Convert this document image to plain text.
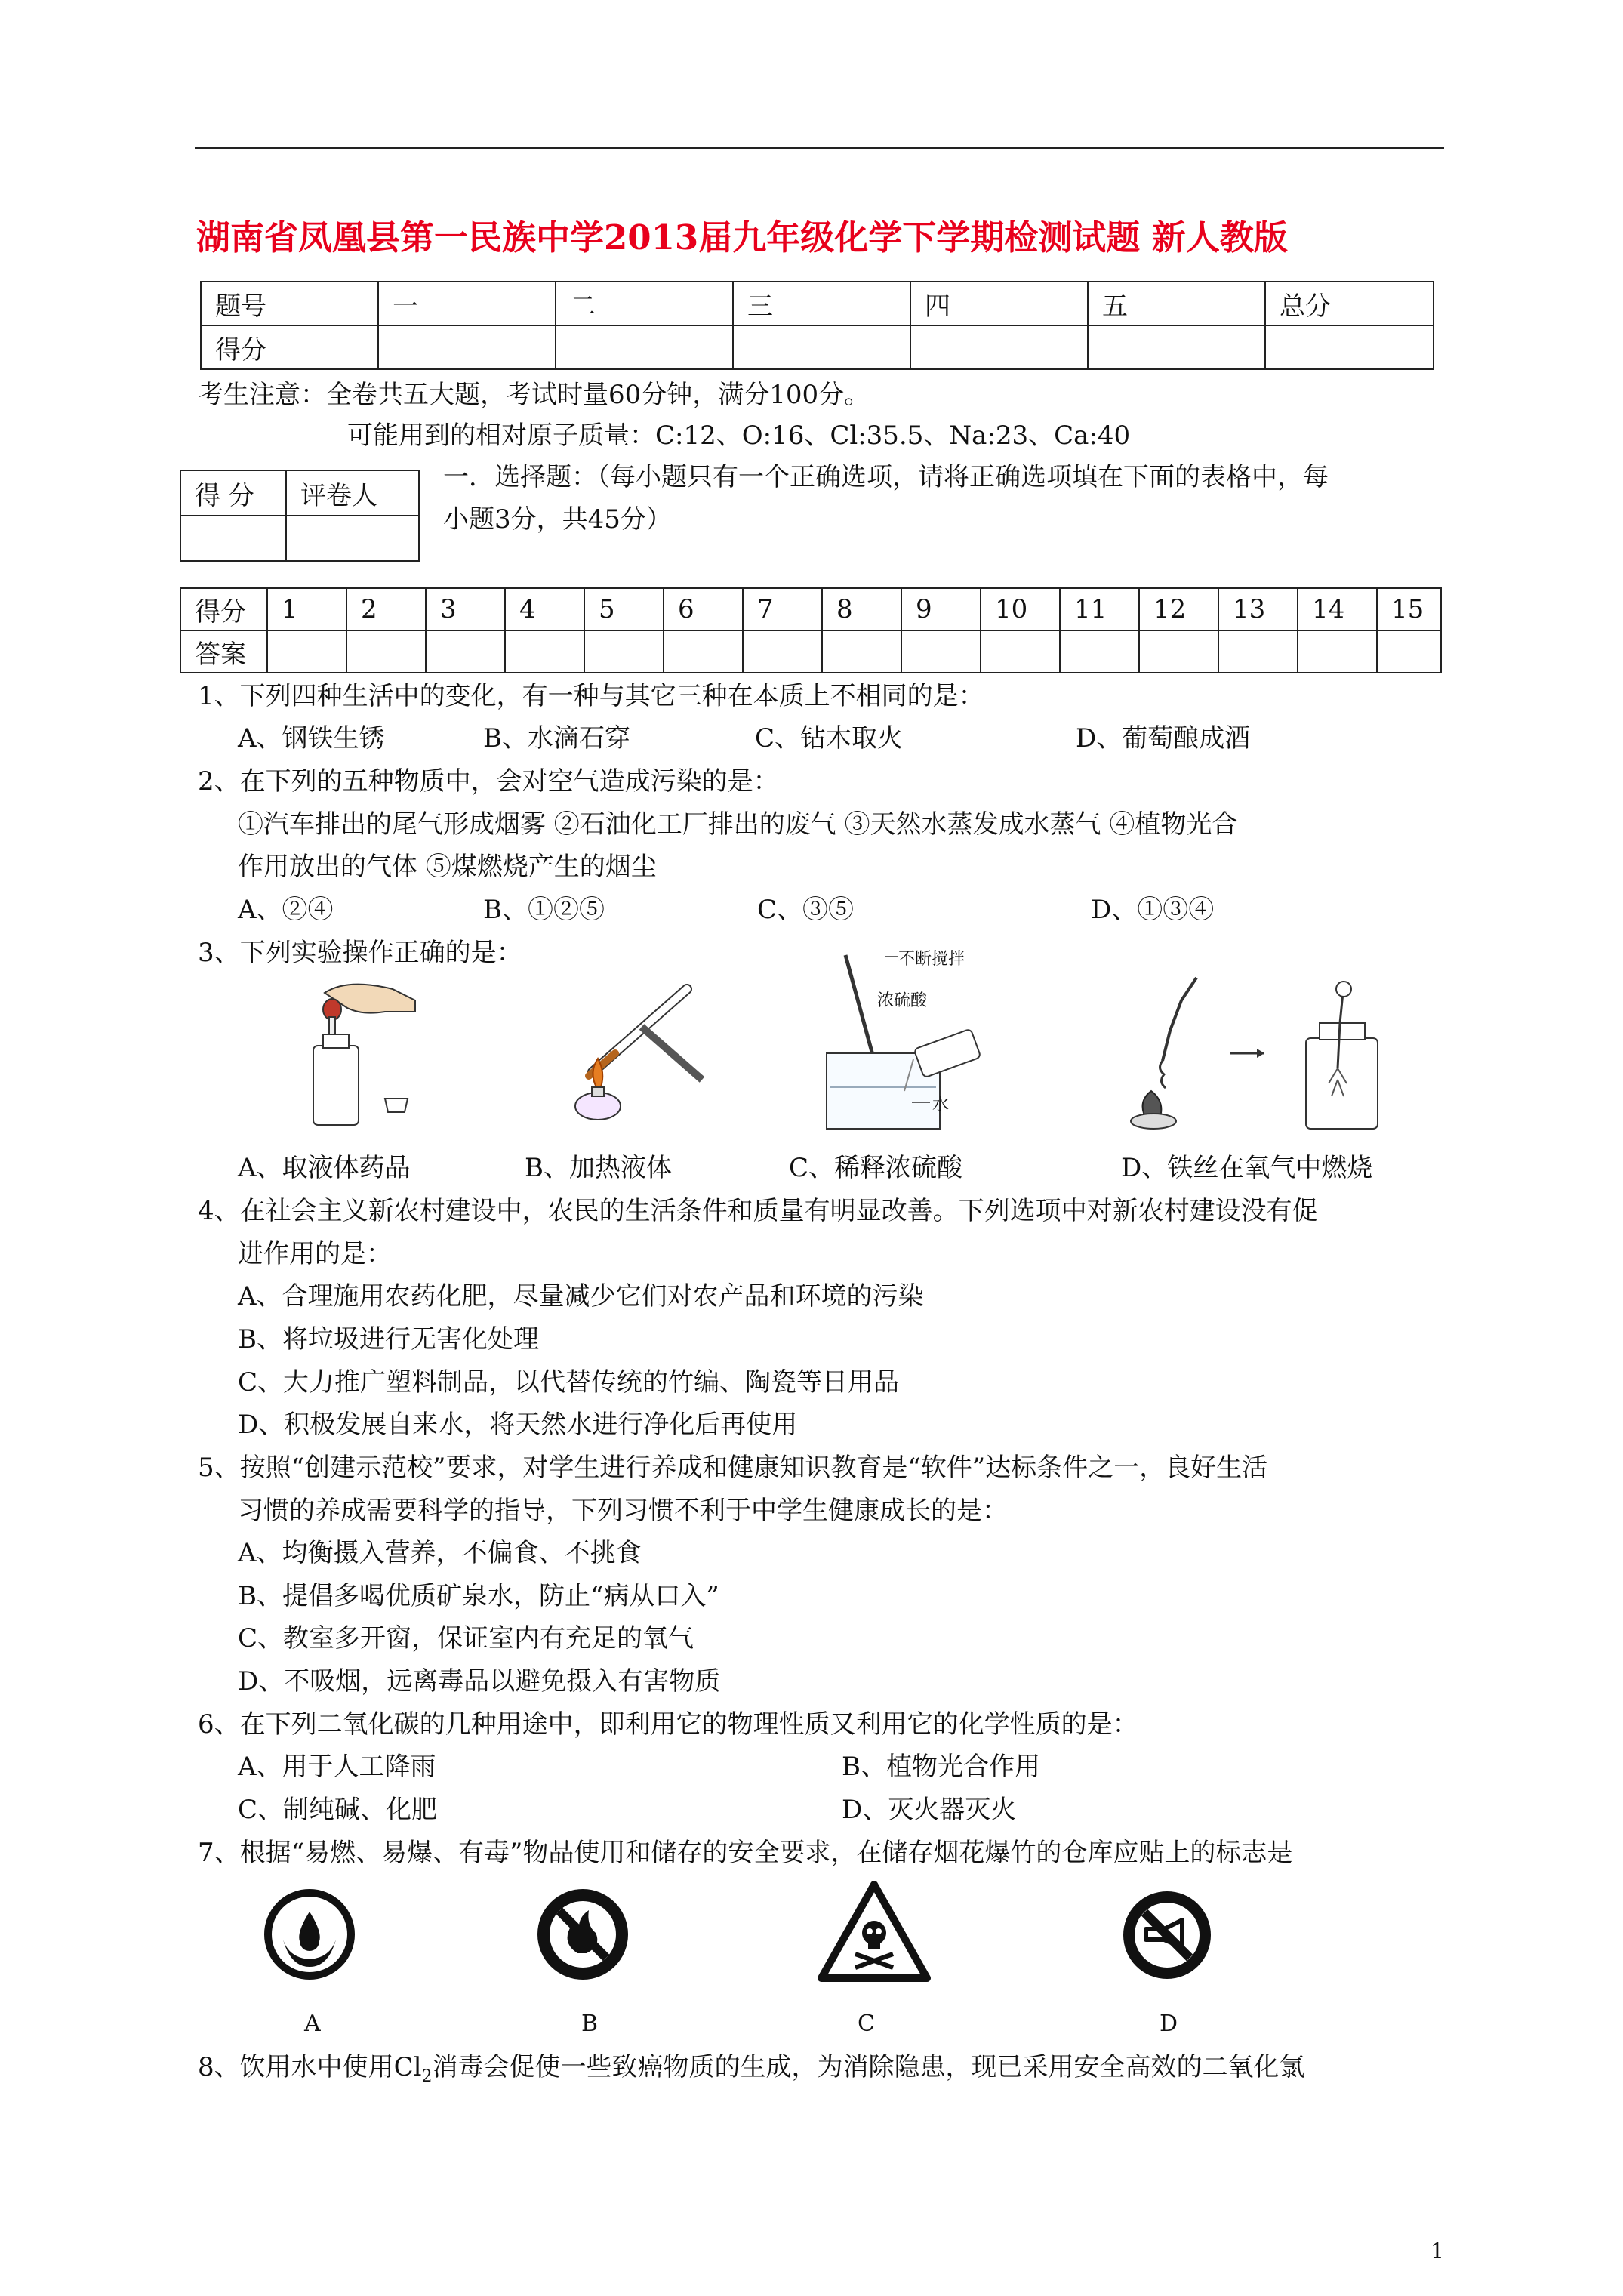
湖南省凤凰县第一民族中学2013届九年级化学下学期检测试题 新人教版
题号	一	二	三	四	五	总分
得分						
考生注意：全卷共五大题，考试时量60分钟，满分100分。
可能用到的相对原子质量：C:12、O:16、Cl:35.5、Na:23、Ca:40
得 分	评卷人

一．选择题：（每小题只有一个正确选项，请将正确选项填在下面的表格中，每
小题3分，共45分）
得分	1	2	3	4	5	6	7	8	9	10	11	12	13	14	15
答案															
1、下列四种生活中的变化，有一种与其它三种在本质上不相同的是：
A、钢铁生锈	B、水滴石穿	C、钻木取火	D、葡萄酿成酒
2、在下列的五种物质中，会对空气造成污染的是：
①汽车排出的尾气形成烟雾 ②石油化工厂排出的废气 ③天然水蒸发成水蒸气 ④植物光合
作用放出的气体 ⑤煤燃烧产生的烟尘
A、②④	B、①②⑤	C、③⑤	D、①③④
3、下列实验操作正确的是：	不断搅拌
浓硫酸
水
A、取液体药品	B、加热液体	C、稀释浓硫酸	D、铁丝在氧气中燃烧
4、在社会主义新农村建设中，农民的生活条件和质量有明显改善。下列选项中对新农村建设没有促
进作用的是：
A、合理施用农药化肥，尽量减少它们对农产品和环境的污染
B、将垃圾进行无害化处理
C、大力推广塑料制品，以代替传统的竹编、陶瓷等日用品
D、积极发展自来水，将天然水进行净化后再使用
5、按照“创建示范校”要求，对学生进行养成和健康知识教育是“软件”达标条件之一，良好生活
习惯的养成需要科学的指导，下列习惯不利于中学生健康成长的是：
A、均衡摄入营养，不偏食、不挑食
B、提倡多喝优质矿泉水，防止“病从口入”
C、教室多开窗，保证室内有充足的氧气
D、不吸烟，远离毒品以避免摄入有害物质
6、在下列二氧化碳的几种用途中，即利用它的物理性质又利用它的化学性质的是：
A、用于人工降雨	B、植物光合作用
C、制纯碱、化肥	D、灭火器灭火
7、根据“易燃、易爆、有毒”物品使用和储存的安全要求，在储存烟花爆竹的仓库应贴上的标志是
A	B	C	D
8、饮用水中使用$Cl_2$消毒会促使一些致癌物质的生成，为消除隐患，现已采用安全高效的二氧化氯
1
